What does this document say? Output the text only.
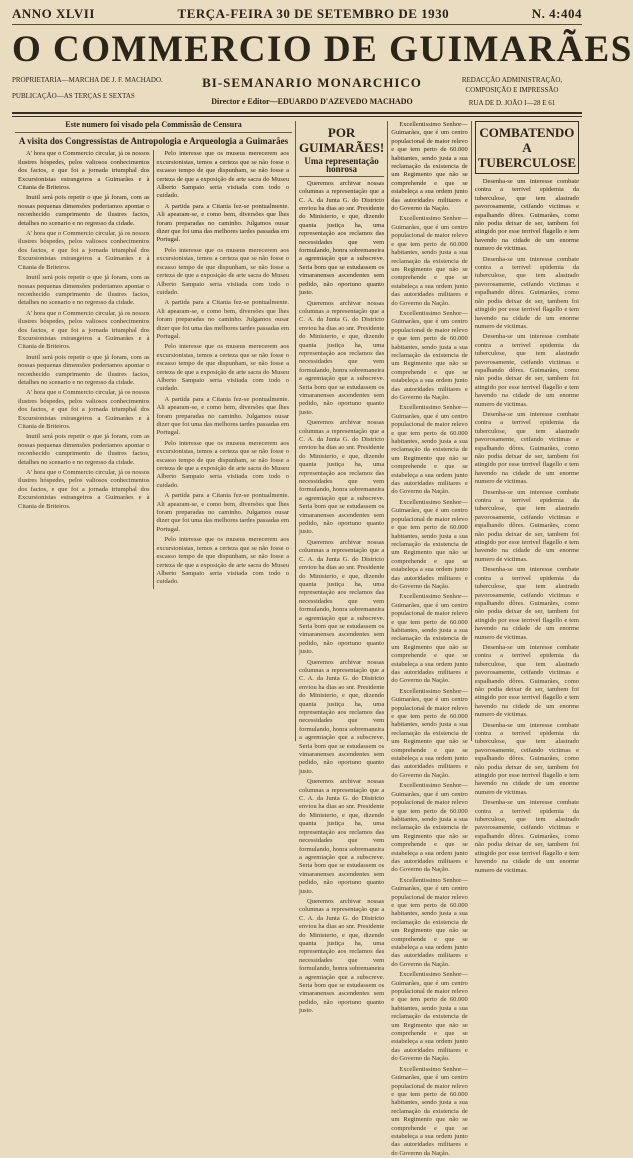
ANNO XLVII	TERÇA-FEIRA 30 DE SETEMBRO DE 1930	N. 4:404
O COMMERCIO DE GUIMARÃES
PROPRIETARIA—MARCHA DE J. F. MACHADO.
PUBLICAÇÃO—AS TERÇAS E SEXTAS
BI-SEMANARIO MONARCHICO
Director e Editor—EDUARDO D'AZEVEDO MACHADO
REDACÇÃO ADMINISTRAÇÃO, COMPOSIÇÃO E IMPRESSÃO
RUA DE D. JOÃO I—28 E 61
Este numero foi visado pela Commissão de Censura
A visita dos Congressistas de Antropologia e Arqueologia a Guimarães

A' hora que o Commercio circular, já os nossos ilustres hóspedes, pelos valiosos conhecimentos dos factos, e que foi a jornada triumphal dos Excursionistas estrangeiros a Guimarães e à Citania de Briteiros.

Inutil será pois repetir o que já foram, com as nossas pequenas dimensões poderiamos apontar o reconhecido cumprimento de ilustres factos, detalhes no scenario e no regresso da cidade.

A' hora que o Commercio circular, já os nossos ilustres hóspedes, pelos valiosos conhecimentos dos factos, e que foi a jornada triumphal dos Excursionistas estrangeiros a Guimarães e à Citania de Briteiros.

Inutil será pois repetir o que já foram, com as nossas pequenas dimensões poderiamos apontar o reconhecido cumprimento de ilustres factos, detalhes no scenario e no regresso da cidade.

A' hora que o Commercio circular, já os nossos ilustres hóspedes, pelos valiosos conhecimentos dos factos, e que foi a jornada triumphal dos Excursionistas estrangeiros a Guimarães e à Citania de Briteiros.

Inutil será pois repetir o que já foram, com as nossas pequenas dimensões poderiamos apontar o reconhecido cumprimento de ilustres factos, detalhes no scenario e no regresso da cidade.

A' hora que o Commercio circular, já os nossos ilustres hóspedes, pelos valiosos conhecimentos dos factos, e que foi a jornada triumphal dos Excursionistas estrangeiros a Guimarães e à Citania de Briteiros.

Inutil será pois repetir o que já foram, com as nossas pequenas dimensões poderiamos apontar o reconhecido cumprimento de ilustres factos, detalhes no scenario e no regresso da cidade.

A' hora que o Commercio circular, já os nossos ilustres hóspedes, pelos valiosos conhecimentos dos factos, e que foi a jornada triumphal dos Excursionistas estrangeiros a Guimarães e à Citania de Briteiros.

Pelo interesse que os museus merecerem aos excursionistas, temos a certeza que se não fosse o escasso tempo de que dispunham, se não fosse a certeza de que a exposição de arte sacra do Museu Alberto Sampaio seria visitada com todo o cuidado.

A partida para a Citania fez-se pontualmente. Ali apearam-se, e como bem, diversões que lhes foram preparadas no caminho. Julgamos ousar dizer que foi uma das melhores tardes passadas em Portugal.

Pelo interesse que os museus merecerem aos excursionistas, temos a certeza que se não fosse o escasso tempo de que dispunham, se não fosse a certeza de que a exposição de arte sacra do Museu Alberto Sampaio seria visitada com todo o cuidado.

A partida para a Citania fez-se pontualmente. Ali apearam-se, e como bem, diversões que lhes foram preparadas no caminho. Julgamos ousar dizer que foi uma das melhores tardes passadas em Portugal.

Pelo interesse que os museus merecerem aos excursionistas, temos a certeza que se não fosse o escasso tempo de que dispunham, se não fosse a certeza de que a exposição de arte sacra do Museu Alberto Sampaio seria visitada com todo o cuidado.

A partida para a Citania fez-se pontualmente. Ali apearam-se, e como bem, diversões que lhes foram preparadas no caminho. Julgamos ousar dizer que foi uma das melhores tardes passadas em Portugal.

Pelo interesse que os museus merecerem aos excursionistas, temos a certeza que se não fosse o escasso tempo de que dispunham, se não fosse a certeza de que a exposição de arte sacra do Museu Alberto Sampaio seria visitada com todo o cuidado.

A partida para a Citania fez-se pontualmente. Ali apearam-se, e como bem, diversões que lhes foram preparadas no caminho. Julgamos ousar dizer que foi uma das melhores tardes passadas em Portugal.

Pelo interesse que os museus merecerem aos excursionistas, temos a certeza que se não fosse o escasso tempo de que dispunham, se não fosse a certeza de que a exposição de arte sacra do Museu Alberto Sampaio seria visitada com todo o cuidado.

POR GUIMARÃES!
Uma representação honrosa

Queremos archivar nossas columnas a representação que a C. A. da Junta G. do Districto enviou ha dias ao snr. Presidente do Ministerio, e que, dizendo quanta justiça ha, uma representação aos reclamos das necessidades que vem formulando, honra sobremaneira a agremiação que a subscreve. Seria bom que se estudassem os vimaranenses ascendentes sem pedido, não oportuno quanto justo.

Queremos archivar nossas columnas a representação que a C. A. da Junta G. do Districto enviou ha dias ao snr. Presidente do Ministerio, e que, dizendo quanta justiça ha, uma representação aos reclamos das necessidades que vem formulando, honra sobremaneira a agremiação que a subscreve. Seria bom que se estudassem os vimaranenses ascendentes sem pedido, não oportuno quanto justo.

Queremos archivar nossas columnas a representação que a C. A. da Junta G. do Districto enviou ha dias ao snr. Presidente do Ministerio, e que, dizendo quanta justiça ha, uma representação aos reclamos das necessidades que vem formulando, honra sobremaneira a agremiação que a subscreve. Seria bom que se estudassem os vimaranenses ascendentes sem pedido, não oportuno quanto justo.

Queremos archivar nossas columnas a representação que a C. A. da Junta G. do Districto enviou ha dias ao snr. Presidente do Ministerio, e que, dizendo quanta justiça ha, uma representação aos reclamos das necessidades que vem formulando, honra sobremaneira a agremiação que a subscreve. Seria bom que se estudassem os vimaranenses ascendentes sem pedido, não oportuno quanto justo.

Queremos archivar nossas columnas a representação que a C. A. da Junta G. do Districto enviou ha dias ao snr. Presidente do Ministerio, e que, dizendo quanta justiça ha, uma representação aos reclamos das necessidades que vem formulando, honra sobremaneira a agremiação que a subscreve. Seria bom que se estudassem os vimaranenses ascendentes sem pedido, não oportuno quanto justo.

Queremos archivar nossas columnas a representação que a C. A. da Junta G. do Districto enviou ha dias ao snr. Presidente do Ministerio, e que, dizendo quanta justiça ha, uma representação aos reclamos das necessidades que vem formulando, honra sobremaneira a agremiação que a subscreve. Seria bom que se estudassem os vimaranenses ascendentes sem pedido, não oportuno quanto justo.

Queremos archivar nossas columnas a representação que a C. A. da Junta G. do Districto enviou ha dias ao snr. Presidente do Ministerio, e que, dizendo quanta justiça ha, uma representação aos reclamos das necessidades que vem formulando, honra sobremaneira a agremiação que a subscreve. Seria bom que se estudassem os vimaranenses ascendentes sem pedido, não oportuno quanto justo.

Excellentissimo Senhor—Guimarães, que é um centro populacional de maior relevo e que tem perto de 60.000 habitantes, sendo justa a sua reclamação da existencia de um Regimento que não se comprehende e que se estabeleça a sua ordem junto das autoridades militares e do Governo da Nação.

Excellentissimo Senhor—Guimarães, que é um centro populacional de maior relevo e que tem perto de 60.000 habitantes, sendo justa a sua reclamação da existencia de um Regimento que não se comprehende e que se estabeleça a sua ordem junto das autoridades militares e do Governo da Nação.

Excellentissimo Senhor—Guimarães, que é um centro populacional de maior relevo e que tem perto de 60.000 habitantes, sendo justa a sua reclamação da existencia de um Regimento que não se comprehende e que se estabeleça a sua ordem junto das autoridades militares e do Governo da Nação.

Excellentissimo Senhor—Guimarães, que é um centro populacional de maior relevo e que tem perto de 60.000 habitantes, sendo justa a sua reclamação da existencia de um Regimento que não se comprehende e que se estabeleça a sua ordem junto das autoridades militares e do Governo da Nação.

Excellentissimo Senhor—Guimarães, que é um centro populacional de maior relevo e que tem perto de 60.000 habitantes, sendo justa a sua reclamação da existencia de um Regimento que não se comprehende e que se estabeleça a sua ordem junto das autoridades militares e do Governo da Nação.

Excellentissimo Senhor—Guimarães, que é um centro populacional de maior relevo e que tem perto de 60.000 habitantes, sendo justa a sua reclamação da existencia de um Regimento que não se comprehende e que se estabeleça a sua ordem junto das autoridades militares e do Governo da Nação.

Excellentissimo Senhor—Guimarães, que é um centro populacional de maior relevo e que tem perto de 60.000 habitantes, sendo justa a sua reclamação da existencia de um Regimento que não se comprehende e que se estabeleça a sua ordem junto das autoridades militares e do Governo da Nação.

Excellentissimo Senhor—Guimarães, que é um centro populacional de maior relevo e que tem perto de 60.000 habitantes, sendo justa a sua reclamação da existencia de um Regimento que não se comprehende e que se estabeleça a sua ordem junto das autoridades militares e do Governo da Nação.

Excellentissimo Senhor—Guimarães, que é um centro populacional de maior relevo e que tem perto de 60.000 habitantes, sendo justa a sua reclamação da existencia de um Regimento que não se comprehende e que se estabeleça a sua ordem junto das autoridades militares e do Governo da Nação.

Excellentissimo Senhor—Guimarães, que é um centro populacional de maior relevo e que tem perto de 60.000 habitantes, sendo justa a sua reclamação da existencia de um Regimento que não se comprehende e que se estabeleça a sua ordem junto das autoridades militares e do Governo da Nação.

Excellentissimo Senhor—Guimarães, que é um centro populacional de maior relevo e que tem perto de 60.000 habitantes, sendo justa a sua reclamação da existencia de um Regimento que não se comprehende e que se estabeleça a sua ordem junto das autoridades militares e do Governo da Nação.

COMBATENDO A TUBERCULOSE

Desenha-se um interesse combate contra a terrivel epidemia da tuberculose, que tem alastrado pavorosamente, ceifando victimas e espalhando dôres. Guimarães, como não podia deixar de ser, tambem foi atingido por esse terrivel flagello e tem havendo na cidade de um enorme numero de victimas.

Desenha-se um interesse combate contra a terrivel epidemia da tuberculose, que tem alastrado pavorosamente, ceifando victimas e espalhando dôres. Guimarães, como não podia deixar de ser, tambem foi atingido por esse terrivel flagello e tem havendo na cidade de um enorme numero de victimas.

Desenha-se um interesse combate contra a terrivel epidemia da tuberculose, que tem alastrado pavorosamente, ceifando victimas e espalhando dôres. Guimarães, como não podia deixar de ser, tambem foi atingido por esse terrivel flagello e tem havendo na cidade de um enorme numero de victimas.

Desenha-se um interesse combate contra a terrivel epidemia da tuberculose, que tem alastrado pavorosamente, ceifando victimas e espalhando dôres. Guimarães, como não podia deixar de ser, tambem foi atingido por esse terrivel flagello e tem havendo na cidade de um enorme numero de victimas.

Desenha-se um interesse combate contra a terrivel epidemia da tuberculose, que tem alastrado pavorosamente, ceifando victimas e espalhando dôres. Guimarães, como não podia deixar de ser, tambem foi atingido por esse terrivel flagello e tem havendo na cidade de um enorme numero de victimas.

Desenha-se um interesse combate contra a terrivel epidemia da tuberculose, que tem alastrado pavorosamente, ceifando victimas e espalhando dôres. Guimarães, como não podia deixar de ser, tambem foi atingido por esse terrivel flagello e tem havendo na cidade de um enorme numero de victimas.

Desenha-se um interesse combate contra a terrivel epidemia da tuberculose, que tem alastrado pavorosamente, ceifando victimas e espalhando dôres. Guimarães, como não podia deixar de ser, tambem foi atingido por esse terrivel flagello e tem havendo na cidade de um enorme numero de victimas.

Desenha-se um interesse combate contra a terrivel epidemia da tuberculose, que tem alastrado pavorosamente, ceifando victimas e espalhando dôres. Guimarães, como não podia deixar de ser, tambem foi atingido por esse terrivel flagello e tem havendo na cidade de um enorme numero de victimas.

Desenha-se um interesse combate contra a terrivel epidemia da tuberculose, que tem alastrado pavorosamente, ceifando victimas e espalhando dôres. Guimarães, como não podia deixar de ser, tambem foi atingido por esse terrivel flagello e tem havendo na cidade de um enorme numero de victimas.
